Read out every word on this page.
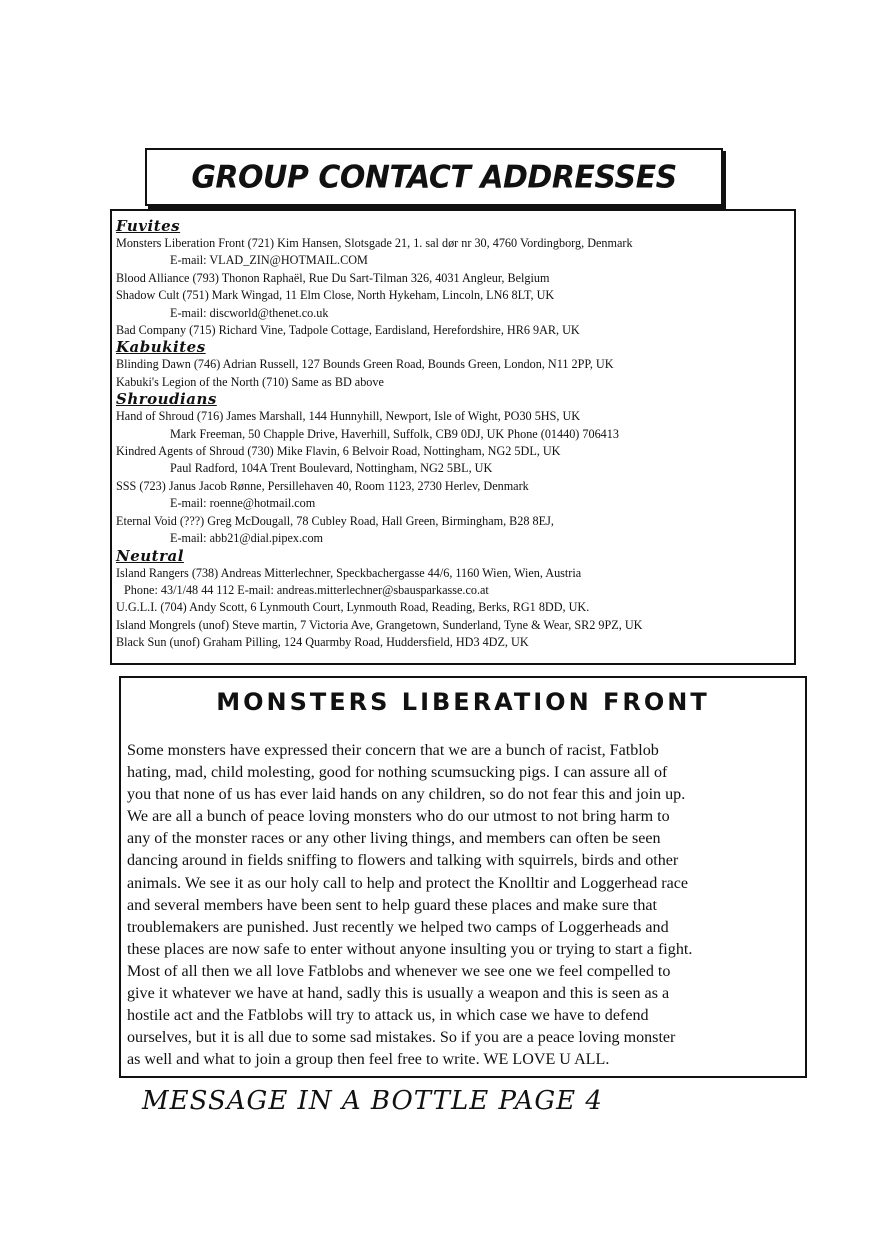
GROUP CONTACT ADDRESSES
Fuvites
Monsters Liberation Front (721) Kim Hansen, Slotsgade 21, 1. sal dør nr 30, 4760 Vordingborg, Denmark
E-mail: VLAD_ZIN@HOTMAIL.COM
Blood Alliance (793) Thonon Raphaël, Rue Du Sart-Tilman 326, 4031 Angleur, Belgium
Shadow Cult (751) Mark Wingad, 11 Elm Close, North Hykeham, Lincoln, LN6 8LT, UK
E-mail: discworld@thenet.co.uk
Bad Company (715) Richard Vine, Tadpole Cottage, Eardisland, Herefordshire, HR6 9AR, UK
Kabukites
Blinding Dawn (746) Adrian Russell, 127 Bounds Green Road, Bounds Green, London, N11 2PP, UK
Kabuki's Legion of the North (710) Same as BD above
Shroudians
Hand of Shroud (716) James Marshall, 144 Hunnyhill, Newport, Isle of Wight, PO30 5HS, UK
Mark Freeman, 50 Chapple Drive, Haverhill, Suffolk, CB9 0DJ, UK Phone (01440) 706413
Kindred Agents of Shroud (730) Mike Flavin, 6 Belvoir Road, Nottingham, NG2 5DL, UK
Paul Radford, 104A Trent Boulevard, Nottingham, NG2 5BL, UK
SSS (723) Janus Jacob Rønne, Persillehaven 40, Room 1123, 2730 Herlev, Denmark
E-mail: roenne@hotmail.com
Eternal Void (???) Greg McDougall, 78 Cubley Road, Hall Green, Birmingham, B28 8EJ,
E-mail: abb21@dial.pipex.com
Neutral
Island Rangers (738) Andreas Mitterlechner, Speckbachergasse 44/6, 1160 Wien, Wien, Austria
Phone: 43/1/48 44 112 E-mail: andreas.mitterlechner@sbausparkasse.co.at
U.G.L.I. (704) Andy Scott, 6 Lynmouth Court, Lynmouth Road, Reading, Berks, RG1 8DD, UK.
Island Mongrels (unof) Steve martin, 7 Victoria Ave, Grangetown, Sunderland, Tyne & Wear, SR2 9PZ, UK
Black Sun (unof) Graham Pilling, 124 Quarmby Road, Huddersfield, HD3 4DZ, UK
MONSTERS LIBERATION FRONT

Some monsters have expressed their concern that we are a bunch of racist, Fatblob

hating, mad, child molesting, good for nothing scumsucking pigs. I can assure all of

you that none of us has ever laid hands on any children, so do not fear this and join up.

We are all a bunch of peace loving monsters who do our utmost to not bring harm to

any of the monster races or any other living things, and members can often be seen

dancing around in fields sniffing to flowers and talking with squirrels, birds and other

animals. We see it as our holy call to help and protect the Knolltir and Loggerhead race

and several members have been sent to help guard these places and make sure that

troublemakers are punished. Just recently we helped two camps of Loggerheads and

these places are now safe to enter without anyone insulting you or trying to start a fight.

Most of all then we all love Fatblobs and whenever we see one we feel compelled to

give it whatever we have at hand, sadly this is usually a weapon and this is seen as a

hostile act and the Fatblobs will try to attack us, in which case we have to defend

ourselves, but it is all due to some sad mistakes. So if you are a peace loving monster

as well and what to join a group then feel free to write. WE LOVE U ALL.

MESSAGE IN A BOTTLE PAGE 4
